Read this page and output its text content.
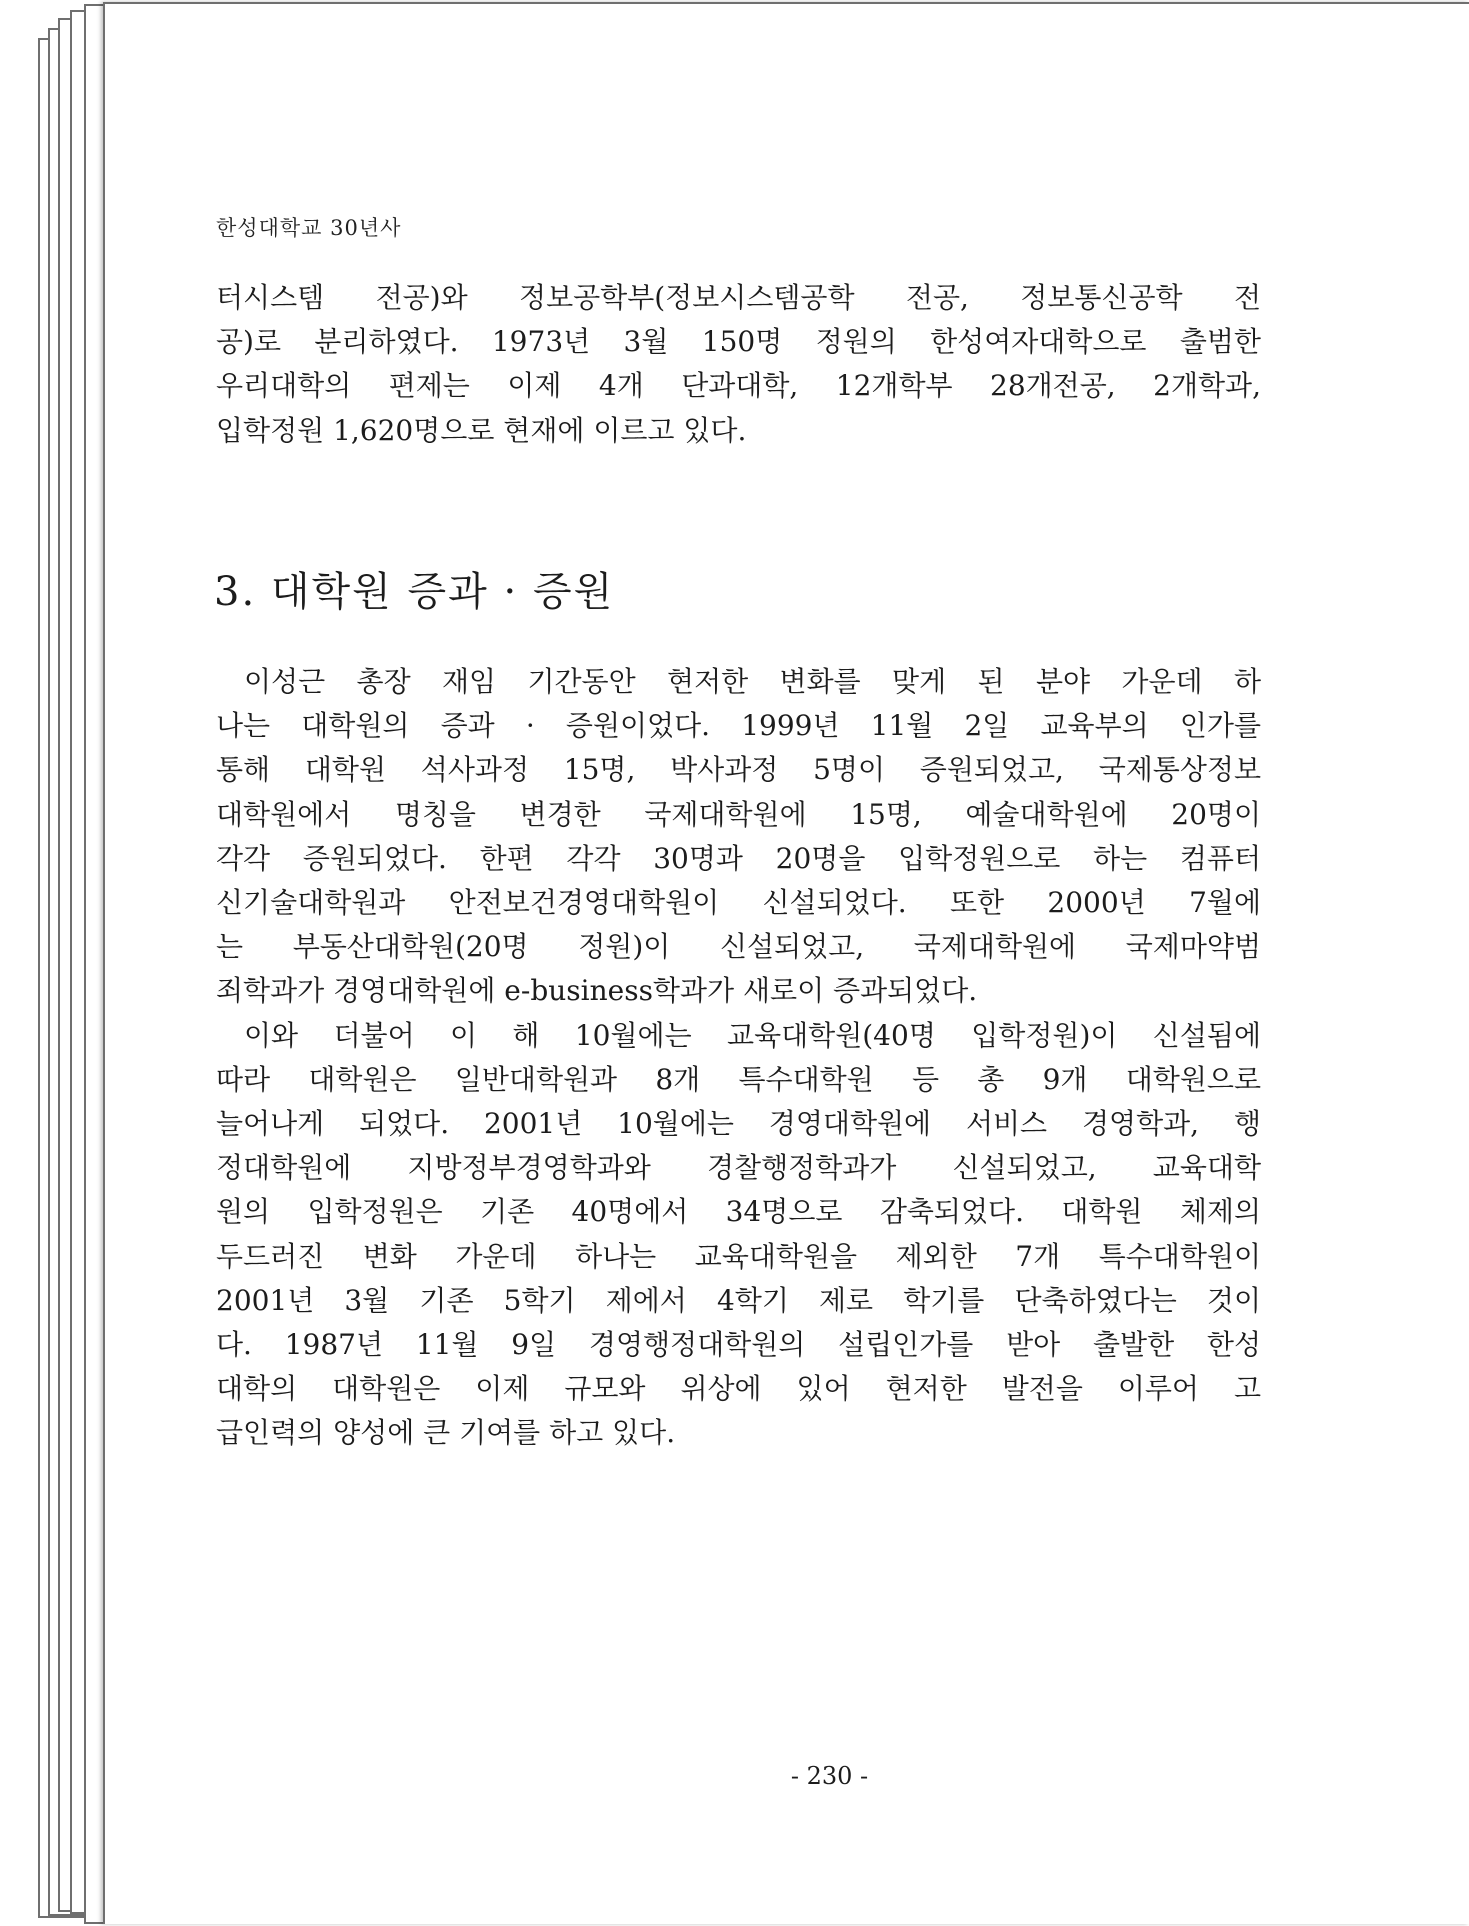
한성대학교 30년사

터시스템 전공)와 정보공학부(정보시스템공학 전공, 정보통신공학 전

공)로 분리하였다. 1973년 3월 150명 정원의 한성여자대학으로 출범한

우리대학의 편제는 이제 4개 단과대학, 12개학부 28개전공, 2개학과,

입학정원 1,620명으로 현재에 이르고 있다.

3. 대학원 증과 · 증원

이성근 총장 재임 기간동안 현저한 변화를 맞게 된 분야 가운데 하

나는 대학원의 증과 · 증원이었다. 1999년 11월 2일 교육부의 인가를

통해 대학원 석사과정 15명, 박사과정 5명이 증원되었고, 국제통상정보

대학원에서 명칭을 변경한 국제대학원에 15명, 예술대학원에 20명이

각각 증원되었다. 한편 각각 30명과 20명을 입학정원으로 하는 컴퓨터

신기술대학원과 안전보건경영대학원이 신설되었다. 또한 2000년 7월에

는 부동산대학원(20명 정원)이 신설되었고, 국제대학원에 국제마약범

죄학과가 경영대학원에 e-business학과가 새로이 증과되었다.

이와 더불어 이 해 10월에는 교육대학원(40명 입학정원)이 신설됨에

따라 대학원은 일반대학원과 8개 특수대학원 등 총 9개 대학원으로

늘어나게 되었다. 2001년 10월에는 경영대학원에 서비스 경영학과, 행

정대학원에 지방정부경영학과와 경찰행정학과가 신설되었고, 교육대학

원의 입학정원은 기존 40명에서 34명으로 감축되었다. 대학원 체제의

두드러진 변화 가운데 하나는 교육대학원을 제외한 7개 특수대학원이

2001년 3월 기존 5학기 제에서 4학기 제로 학기를 단축하였다는 것이

다. 1987년 11월 9일 경영행정대학원의 설립인가를 받아 출발한 한성

대학의 대학원은 이제 규모와 위상에 있어 현저한 발전을 이루어 고

급인력의 양성에 큰 기여를 하고 있다.

- 230 -
